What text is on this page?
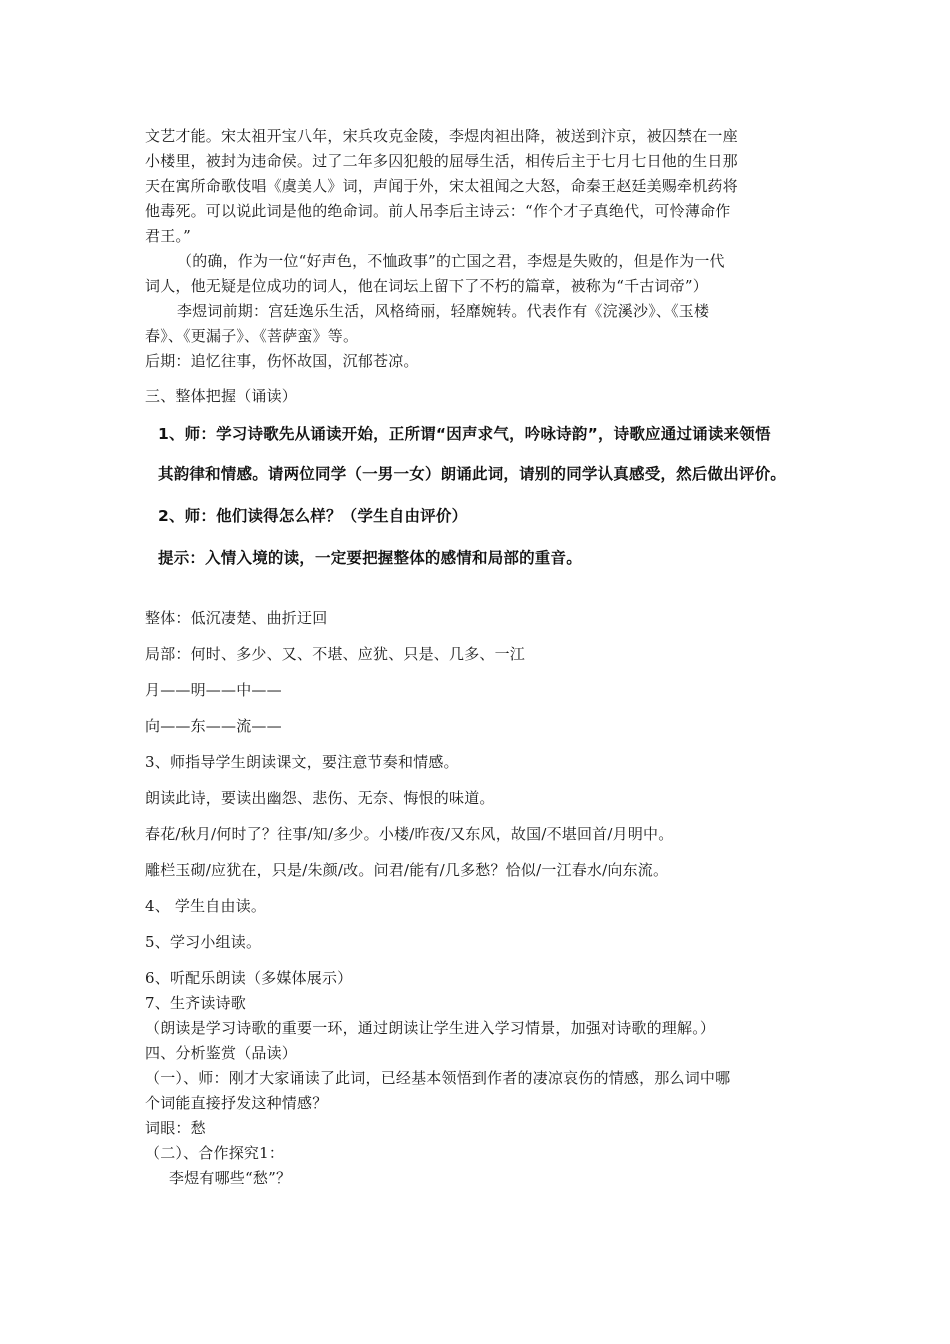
文艺才能。宋太祖开宝八年，宋兵攻克金陵，李煜肉袒出降，被送到汴京，被囚禁在一座
小楼里，被封为违命侯。过了二年多囚犯般的屈辱生活，相传后主于七月七日他的生日那
天在寓所命歌伎唱《虞美人》词，声闻于外，宋太祖闻之大怒，命秦王赵廷美赐牵机药将
他毒死。可以说此词是他的绝命词。前人吊李后主诗云：“作个才子真绝代，可怜薄命作
君王。”
（的确，作为一位“好声色，不恤政事”的亡国之君，李煜是失败的，但是作为一代
词人，他无疑是位成功的词人，他在词坛上留下了不朽的篇章，被称为“千古词帝”）
李煜词前期：宫廷逸乐生活，风格绮丽，轻靡婉转。代表作有《浣溪沙》、《玉楼
春》、《更漏子》、《菩萨蛮》等。
后期：追忆往事，伤怀故国，沉郁苍凉。
三、整体把握（诵读）
1、师：学习诗歌先从诵读开始，正所谓“因声求气，吟咏诗韵”，诗歌应通过诵读来领悟
其韵律和情感。请两位同学（一男一女）朗诵此词，请别的同学认真感受，然后做出评价。
2、师：他们读得怎么样？（学生自由评价）
提示：入情入境的读，一定要把握整体的感情和局部的重音。
整体：低沉凄楚、曲折迂回
局部：何时、多少、又、不堪、应犹、只是、几多、一江
月——明——中——
向——东——流——
3、师指导学生朗读课文，要注意节奏和情感。
朗读此诗，要读出幽怨、悲伤、无奈、悔恨的味道。
春花/秋月/何时了？往事/知/多少。小楼/昨夜/又东风，故国/不堪回首/月明中。
雕栏玉砌/应犹在，只是/朱颜/改。问君/能有/几多愁？恰似/一江春水/向东流。
4、 学生自由读。
5、学习小组读。
6、听配乐朗读（多媒体展示）
7、生齐读诗歌
（朗读是学习诗歌的重要一环，通过朗读让学生进入学习情景，加强对诗歌的理解。）
四、分析鉴赏（品读）
（一）、师：刚才大家诵读了此词，已经基本领悟到作者的凄凉哀伤的情感，那么词中哪
个词能直接抒发这种情感？
词眼：愁
（二）、合作探究1：
李煜有哪些“愁”？
